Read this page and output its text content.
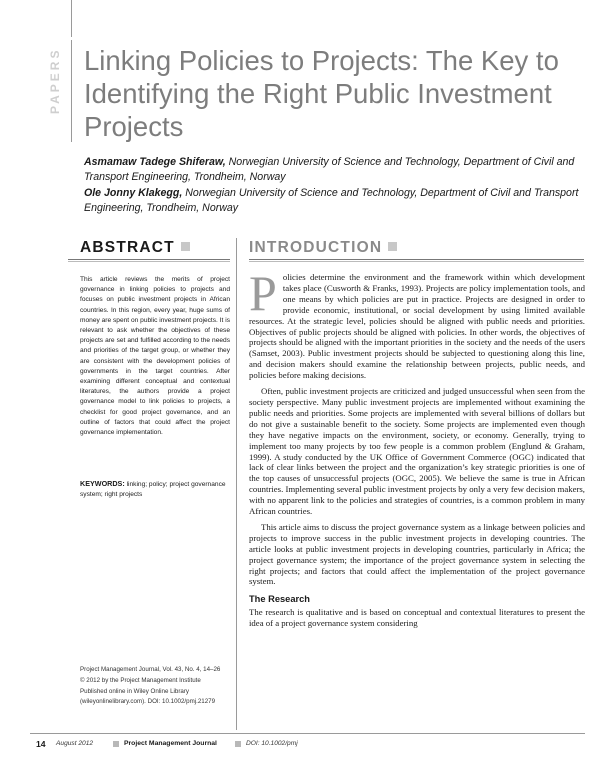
PAPERS Linking Policies to Projects: The Key to Identifying the Right Public Investment Projects
Asmamaw Tadege Shiferaw, Norwegian University of Science and Technology, Department of Civil and Transport Engineering, Trondheim, Norway
Ole Jonny Klakegg, Norwegian University of Science and Technology, Department of Civil and Transport Engineering, Trondheim, Norway
ABSTRACT

This article reviews the merits of project governance in linking policies to projects and focuses on public investment projects in African countries. In this region, every year, huge sums of money are spent on public investment projects. It is relevant to ask whether the objectives of these projects are set and fulfilled according to the needs and priorities of the target group, or whether they are consistent with the development policies of governments in the target countries. After examining different conceptual and contextual literatures, the authors provide a project governance model to link policies to projects, a checklist for good project governance, and an outline of factors that could affect the project governance implementation.

KEYWORDS: linking; policy; project governance system; right projects

Project Management Journal, Vol. 43, No. 4, 14–26
© 2012 by the Project Management Institute
Published online in Wiley Online Library
(wileyonlinelibrary.com). DOI: 10.1002/pmj.21279
INTRODUCTION

Policies determine the environment and the framework within which development takes place (Cusworth & Franks, 1993). Projects are policy implementation tools, and one means by which policies are put in practice. Projects are designed in order to provide economic, institutional, or social development by using limited available resources. At the strategic level, policies should be aligned with public needs and priorities. Objectives of public projects should be aligned with policies. In other words, the objectives of projects should be aligned with the important priorities in the society and the needs of the users (Samset, 2003). Public investment projects should be subjected to questioning along this line, and decision makers should examine the relationship between projects, public needs, and policies before making decisions.

Often, public investment projects are criticized and judged unsuccessful when seen from the society perspective. Many public investment projects are implemented without examining the public needs and priorities. Some projects are implemented with several billions of dollars but do not give a sustainable benefit to the society. Some projects are implemented even though they have negative impacts on the environment, society, or economy. Generally, trying to implement too many projects by too few people is a common problem (Englund & Graham, 1999). A study conducted by the UK Office of Government Commerce (OGC) indicated that lack of clear links between the project and the organization’s key strategic priorities is one of the top causes of unsuccessful projects (OGC, 2005). We believe the same is true in African countries. Implementing several public investment projects by only a very few decision makers, with no apparent link to the policies and strategies of countries, is a common problem in many African countries.

This article aims to discuss the project governance system as a linkage between policies and projects to improve success in the public investment projects in developing countries. The article looks at public investment projects in developing countries, particularly in Africa; the project governance system; the importance of the project governance system in selecting the right projects; and factors that could affect the implementation of the project governance system.

The Research

The research is qualitative and is based on conceptual and contextual literatures to present the idea of a project governance system considering

14 August 2012	Project Management Journal	DOI: 10.1002/pmj
